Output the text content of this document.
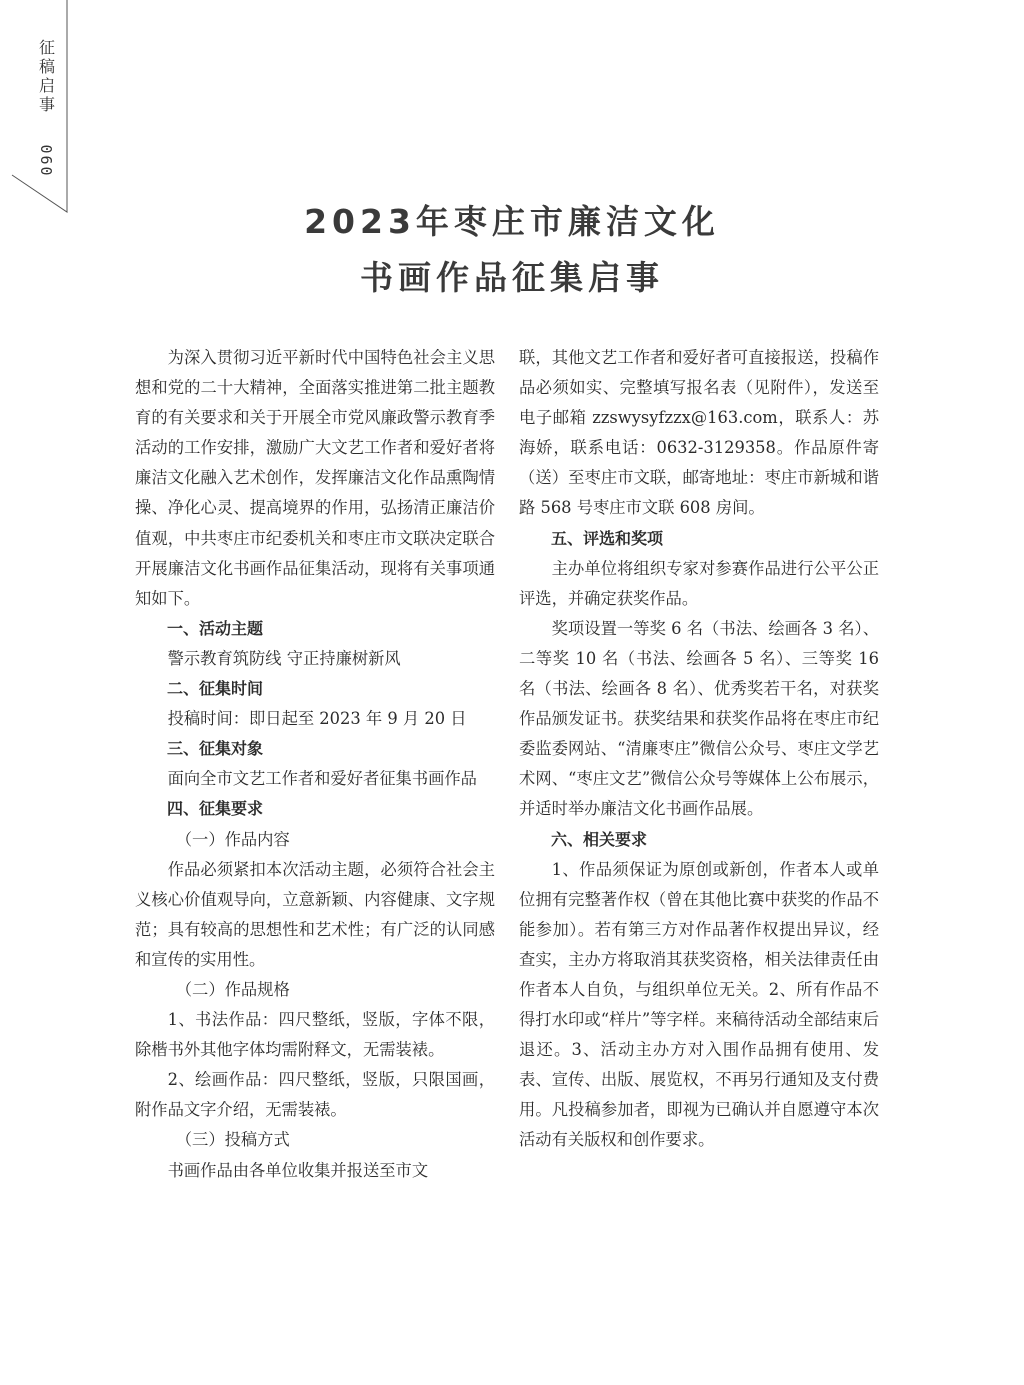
征
稿
启
事
060
2023年枣庄市廉洁文化
书画作品征集启事

为深入贯彻习近平新时代中国特色社会主义思想和党的二十大精神，全面落实推进第二批主题教育的有关要求和关于开展全市党风廉政警示教育季活动的工作安排，激励广大文艺工作者和爱好者将廉洁文化融入艺术创作，发挥廉洁文化作品熏陶情操、净化心灵、提高境界的作用，弘扬清正廉洁价值观，中共枣庄市纪委机关和枣庄市文联决定联合开展廉洁文化书画作品征集活动，现将有关事项通知如下。

一、活动主题

警示教育筑防线 守正持廉树新风

二、征集时间

投稿时间：即日起至 2023 年 9 月 20 日

三、征集对象

面向全市文艺工作者和爱好者征集书画作品

四、征集要求

（一）作品内容

作品必须紧扣本次活动主题，必须符合社会主义核心价值观导向，立意新颖、内容健康、文字规范；具有较高的思想性和艺术性；有广泛的认同感和宣传的实用性。

（二）作品规格

1、书法作品：四尺整纸，竖版，字体不限，除楷书外其他字体均需附释文，无需装裱。

2、绘画作品：四尺整纸，竖版，只限国画，附作品文字介绍，无需装裱。

（三）投稿方式

书画作品由各单位收集并报送至市文

联，其他文艺工作者和爱好者可直接报送，投稿作品必须如实、完整填写报名表（见附件），发送至电子邮箱 zzswysyfzzx@163.com，联系人：苏海娇，联系电话：0632-3129358。作品原件寄（送）至枣庄市文联，邮寄地址：枣庄市新城和谐路 568 号枣庄市文联 608 房间。

五、评选和奖项

主办单位将组织专家对参赛作品进行公平公正评选，并确定获奖作品。

奖项设置一等奖 6 名（书法、绘画各 3 名）、二等奖 10 名（书法、绘画各 5 名）、三等奖 16 名（书法、绘画各 8 名）、优秀奖若干名，对获奖作品颁发证书。获奖结果和获奖作品将在枣庄市纪委监委网站、“清廉枣庄”微信公众号、枣庄文学艺术网、“枣庄文艺”微信公众号等媒体上公布展示，并适时举办廉洁文化书画作品展。

六、相关要求

1、作品须保证为原创或新创，作者本人或单位拥有完整著作权（曾在其他比赛中获奖的作品不能参加）。若有第三方对作品著作权提出异议，经查实，主办方将取消其获奖资格，相关法律责任由作者本人自负，与组织单位无关。2、所有作品不得打水印或“样片”等字样。来稿待活动全部结束后退还。3、活动主办方对入围作品拥有使用、发表、宣传、出版、展览权，不再另行通知及支付费用。凡投稿参加者，即视为已确认并自愿遵守本次活动有关版权和创作要求。
